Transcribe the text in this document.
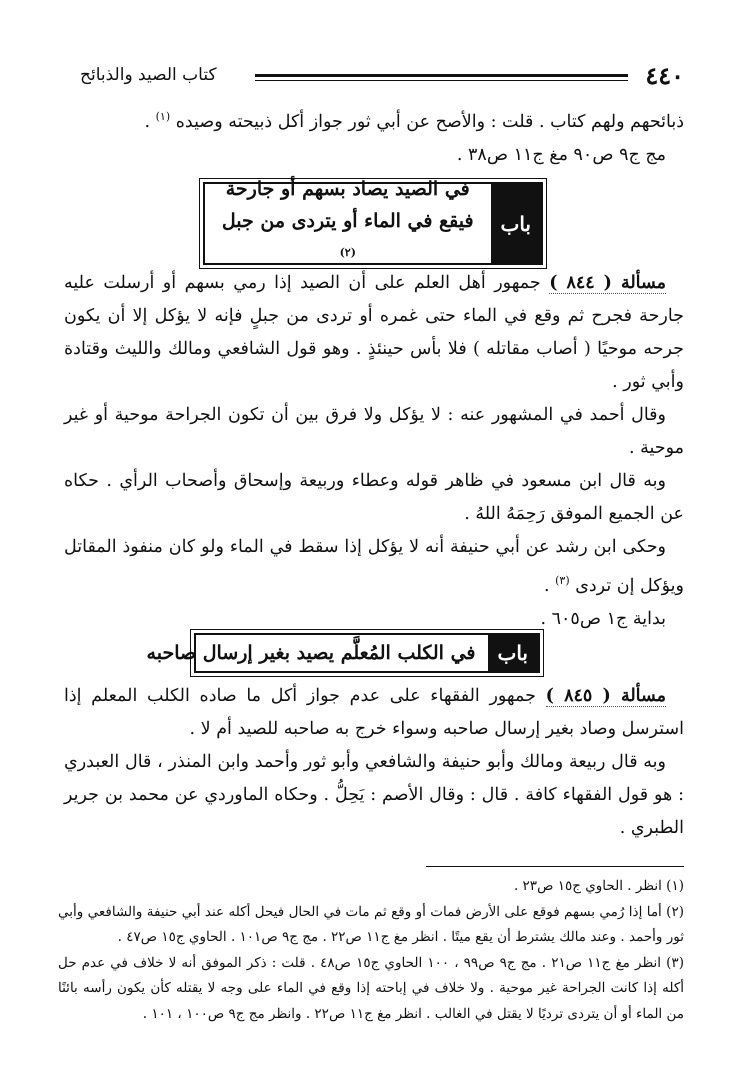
٤٤٠
كتاب الصيد والذبائح

ذبائحهم ولهم كتاب . قلت : والأصح عن أبي ثور جواز أكل ذبيحته وصيده $^{(١)}$ .

مج ج٩ ص٩٠ مغ ج١١ ص٣٨ .
باب
في الصيد يصاد بسهم أو جارحة
فيقع في الماء أو يتردى من جبل $^{(٢)}$

مسألة ( ٨٤٤ ) جمهور أهل العلم على أن الصيد إذا رمي بسهم أو أرسلت عليه جارحة فجرح ثم وقع في الماء حتى غمره أو تردى من جبلٍ فإنه لا يؤكل إلا أن يكون جرحه موحيًا ( أصاب مقاتله ) فلا بأس حينئذٍ . وهو قول الشافعي ومالك والليث وقتادة وأبي ثور .

وقال أحمد في المشهور عنه : لا يؤكل ولا فرق بين أن تكون الجراحة موحية أو غير موحية .

وبه قال ابن مسعود في ظاهر قوله وعطاء وربيعة وإسحاق وأصحاب الرأي . حكاه عن الجميع الموفق رَحِمَهُ اللهُ .

وحكى ابن رشد عن أبي حنيفة أنه لا يؤكل إذا سقط في الماء ولو كان منفوذ المقاتل ويؤكل إن تردى $^{(٣)}$ .

بداية ج١ ص٦٠٥ .
باب
في الكلب المُعلَّم يصيد بغير إرسال صاحبه

مسألة ( ٨٤٥ ) جمهور الفقهاء على عدم جواز أكل ما صاده الكلب المعلم إذا استرسل وصاد بغير إرسال صاحبه وسواء خرج به صاحبه للصيد أم لا .

وبه قال ربيعة ومالك وأبو حنيفة والشافعي وأبو ثور وأحمد وابن المنذر ، قال العبدري : هو قول الفقهاء كافة . قال : وقال الأصم : يَحِلُّ . وحكاه الماوردي عن محمد بن جرير الطبري .

(١) انظر . الحاوي ج١٥ ص٢٣ .

(٢) أما إذا رُمي بسهم فوقع على الأرض فمات أو وقع ثم مات في الحال فيحل أكله عند أبي حنيفة والشافعي وأبي ثور وأحمد . وعند مالك يشترط أن يقع ميتًا . انظر مغ ج١١ ص٢٢ . مج ج٩ ص١٠١ . الحاوي ج١٥ ص٤٧ .

(٣) انظر مغ ج١١ ص٢١ . مج ج٩ ص٩٩ ، ١٠٠ الحاوي ج١٥ ص٤٨ . قلت : ذكر الموفق أنه لا خلاف في عدم حل أكله إذا كانت الجراحة غير موحية . ولا خلاف في إباحته إذا وقع في الماء على وجه لا يقتله كأن يكون رأسه بائنًا من الماء أو أن يتردى ترديًا لا يقتل في الغالب . انظر مغ ج١١ ص٢٢ . وانظر مج ج٩ ص١٠٠ ، ١٠١ .
